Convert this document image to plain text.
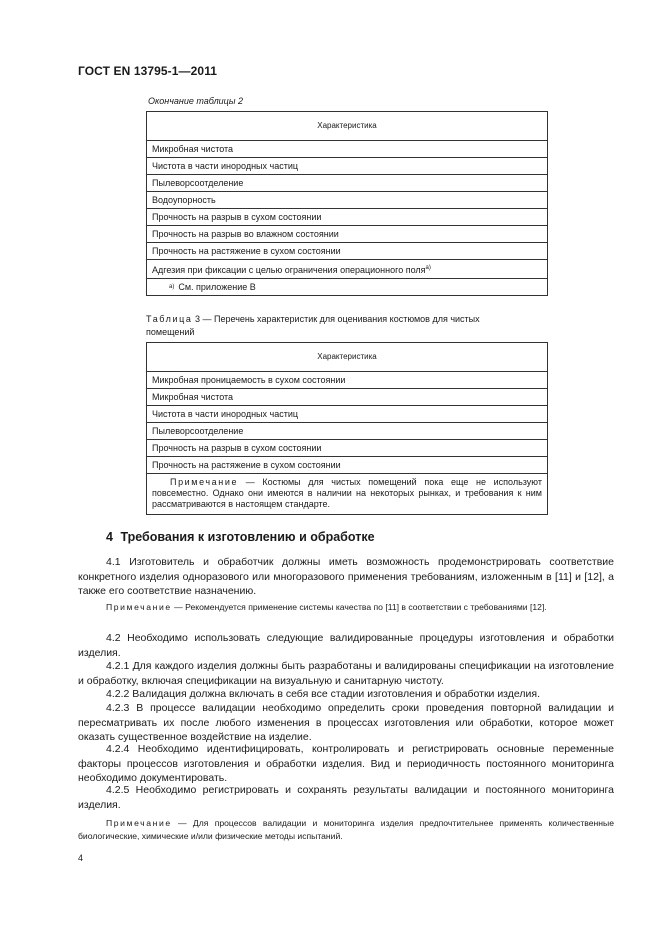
ГОСТ EN 13795-1—2011
Окончание таблицы 2
Характеристика
Микробная чистота
Чистота в части инородных частиц
Пылеворсоотделение
Водоупорность
Прочность на разрыв в сухом состоянии
Прочность на разрыв во влажном состоянии
Прочность на растяжение в сухом состоянии
Адгезия при фиксации с целью ограничения операционного поля$^{а)}$
$^{а)}$ См. приложение В
Таблица 3 — Перечень характеристик для оценивания костюмов для чистых
помещений
Характеристика
Микробная проницаемость в сухом состоянии
Микробная чистота
Чистота в части инородных частиц
Пылеворсоотделение
Прочность на разрыв в сухом состоянии
Прочность на растяжение в сухом состоянии
Примечание — Костюмы для чистых помещений пока еще не используют повсеместно. Однако они имеются в наличии на некоторых рынках, и требования к ним рассматриваются в настоящем стандарте.
4 Требования к изготовлению и обработке
4.1 Изготовитель и обработчик должны иметь возможность продемонстрировать соответствие конкретного изделия одноразового или многоразового применения требованиям, изложенным в [11] и [12], а также его соответствие назначению.
Примечание — Рекомендуется применение системы качества по [11] в соответствии с требованиями [12].
4.2 Необходимо использовать следующие валидированные процедуры изготовления и обработки изделия.
4.2.1 Для каждого изделия должны быть разработаны и валидированы спецификации на изготовление и обработку, включая спецификации на визуальную и санитарную чистоту.
4.2.2 Валидация должна включать в себя все стадии изготовления и обработки изделия.
4.2.3 В процессе валидации необходимо определить сроки проведения повторной валидации и пересматривать их после любого изменения в процессах изготовления или обработки, которое может оказать существенное воздействие на изделие.
4.2.4 Необходимо идентифицировать, контролировать и регистрировать основные переменные факторы процессов изготовления и обработки изделия. Вид и периодичность постоянного мониторинга необходимо документировать.
4.2.5 Необходимо регистрировать и сохранять результаты валидации и постоянного мониторинга изделия.
Примечание — Для процессов валидации и мониторинга изделия предпочтительнее применять количественные биологические, химические и/или физические методы испытаний.
4
